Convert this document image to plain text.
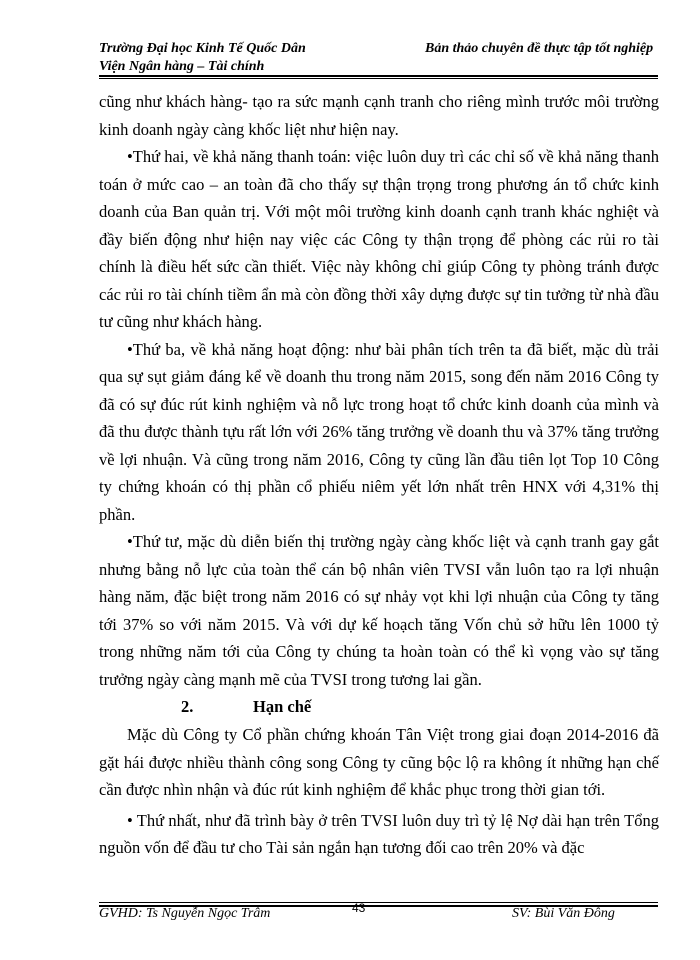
Trường Đại học Kinh Tế Quốc Dân
Viện Ngân hàng – Tài chính
Bản thảo chuyên đề thực tập tốt nghiệp

cũng như khách hàng- tạo ra sức mạnh cạnh tranh cho riêng mình trước môi trường kinh doanh ngày càng khốc liệt như hiện nay.

•Thứ hai, về khả năng thanh toán: việc luôn duy trì các chỉ số về khả năng thanh toán ở mức cao – an toàn đã cho thấy sự thận trọng trong phương án tổ chức kinh doanh của Ban quản trị. Với một môi trường kinh doanh cạnh tranh khác nghiệt và đầy biến động như hiện nay việc các Công ty thận trọng để phòng các rủi ro tài chính là điều hết sức cần thiết. Việc này không chỉ giúp Công ty phòng tránh được các rủi ro tài chính tiềm ẩn mà còn đồng thời xây dựng được sự tin tưởng từ nhà đầu tư cũng như khách hàng.

•Thứ ba, về khả năng hoạt động: như bài phân tích trên ta đã biết, mặc dù trải qua sự sụt giảm đáng kể về doanh thu trong năm 2015, song đến năm 2016 Công ty đã có sự đúc rút kinh nghiệm và nỗ lực trong hoạt tổ chức kinh doanh của mình và đã thu được thành tựu rất lớn với 26% tăng trưởng về doanh thu và 37% tăng trưởng về lợi nhuận. Và cũng trong năm 2016, Công ty cũng lần đầu tiên lọt Top 10 Công ty chứng khoán có thị phần cổ phiếu niêm yết lớn nhất trên HNX với 4,31% thị phần.

•Thứ tư, mặc dù diễn biến thị trường ngày càng khốc liệt và cạnh tranh gay gắt nhưng bằng nỗ lực của toàn thể cán bộ nhân viên TVSI vẫn luôn tạo ra lợi nhuận hàng năm, đặc biệt trong năm 2016 có sự nhảy vọt khi lợi nhuận của Công ty tăng tới 37% so với năm 2015. Và với dự kế hoạch tăng Vốn chủ sở hữu lên 1000 tỷ trong những năm tới của Công ty chúng ta hoàn toàn có thể kì vọng vào sự tăng trưởng ngày càng mạnh mẽ của TVSI trong tương lai gần.

2.	Hạn chế

Mặc dù Công ty Cổ phần chứng khoán Tân Việt trong giai đoạn 2014-2016 đã gặt hái được nhiều thành công song Công ty cũng bộc lộ ra không ít những hạn chế cần được nhìn nhận và đúc rút kinh nghiệm để khắc phục trong thời gian tới.

• Thứ nhất, như đã trình bày ở trên TVSI luôn duy trì tỷ lệ Nợ dài hạn trên Tổng nguồn vốn để đầu tư cho Tài sản ngắn hạn tương đối cao trên 20% và đặc

GVHD: Ts Nguyễn Ngọc Trâm	43	SV: Bùi Văn Đông
